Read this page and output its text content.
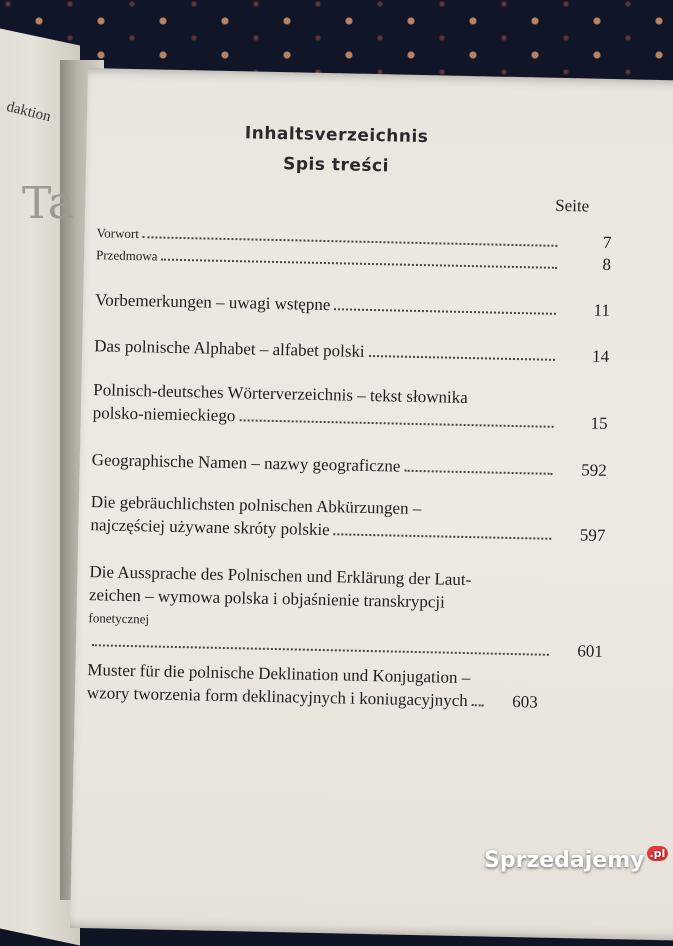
daktion
Ta
Inhaltsverzeichnis
Spis treści
Seite
Vorwort	7
Przedmowa	8
Vorbemerkungen – uwagi wstępne	11
Das polnische Alphabet – alfabet polski	14
Polnisch-deutsches Wörterverzeichnis – tekst słownika
polsko-niemieckiego	15
Geographische Namen – nazwy geograficzne	592
Die gebräuchlichsten polnischen Abkürzungen –
najczęściej używane skróty polskie	597
Die Aussprache des Polnischen und Erklärung der Laut-
zeichen – wymowa polska i objaśnienie transkrypcji
fonetycznej
601
Muster für die polnische Deklination und Konjugation –
wzory tworzenia form deklinacyjnych i koniugacyjnych	603
Sprzedajemy $^{.pl}$
